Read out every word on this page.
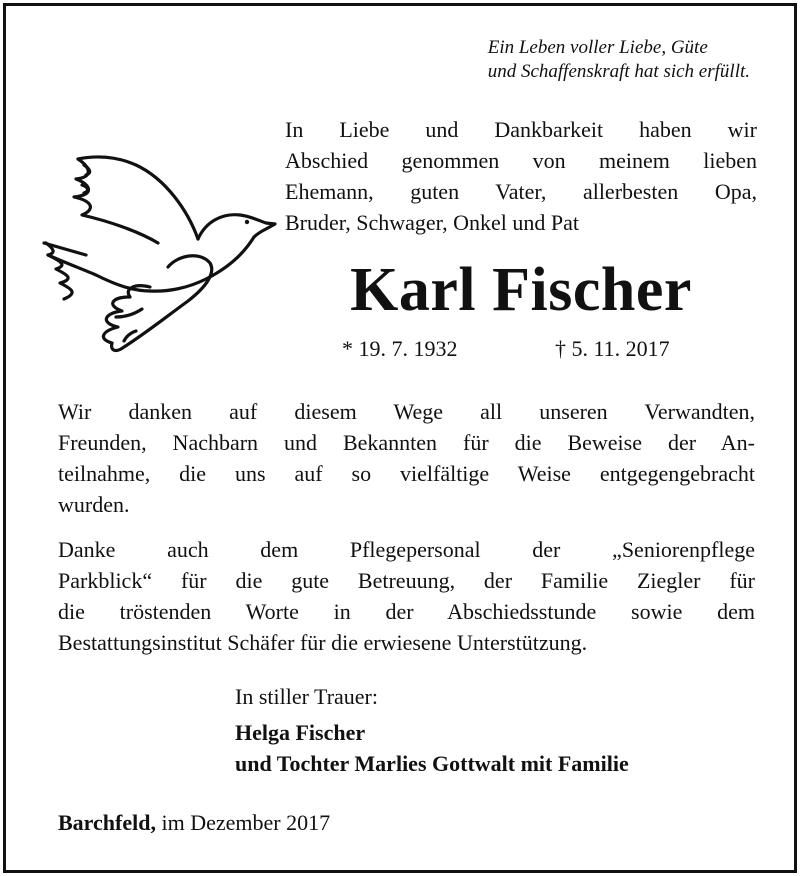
Ein Leben voller Liebe, Güte
und Schaffenskraft hat sich erfüllt.
In Liebe und Dankbarkeit haben wir
Abschied genommen von meinem lieben
Ehemann, guten Vater, allerbesten Opa,
Bruder, Schwager, Onkel und Pat
Karl Fischer
* 19. 7. 1932	† 5. 11. 2017
Wir danken auf diesem Wege all unseren Verwandten,
Freunden, Nachbarn und Bekannten für die Beweise der An-
teilnahme, die uns auf so vielfältige Weise entgegengebracht
wurden.
Danke auch dem Pflegepersonal der „Seniorenpflege
Parkblick“ für die gute Betreuung, der Familie Ziegler für
die tröstenden Worte in der Abschiedsstunde sowie dem
Bestattungsinstitut Schäfer für die erwiesene Unterstützung.
In stiller Trauer:
Helga Fischer
und Tochter Marlies Gottwalt mit Familie
Barchfeld, im Dezember 2017
